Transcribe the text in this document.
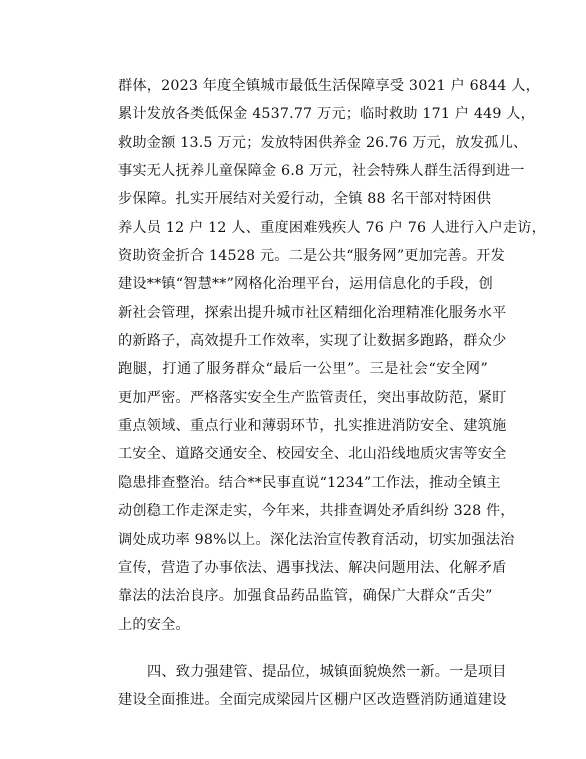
群体，2023 年度全镇城市最低生活保障享受 3021 户 6844 人，
累计发放各类低保金 4537.77 万元；临时救助 171 户 449 人，
救助金额 13.5 万元；发放特困供养金 26.76 万元，放发孤儿、
事实无人抚养儿童保障金 6.8 万元，社会特殊人群生活得到进一
步保障。扎实开展结对关爱行动，全镇 88 名干部对特困供
养人员 12 户 12 人、重度困难残疾人 76 户 76 人进行入户走访，
资助资金折合 14528 元。二是公共“服务网”更加完善。开发
建设**镇“智慧**”网格化治理平台，运用信息化的手段，创
新社会管理，探索出提升城市社区精细化治理精准化服务水平
的新路子，高效提升工作效率，实现了让数据多跑路，群众少
跑腿，打通了服务群众“最后一公里”。三是社会“安全网”
更加严密。严格落实安全生产监管责任，突出事故防范，紧盯
重点领域、重点行业和薄弱环节，扎实推进消防安全、建筑施
工安全、道路交通安全、校园安全、北山沿线地质灾害等安全
隐患排查整治。结合**民事直说“1234”工作法，推动全镇主
动创稳工作走深走实，今年来，共排查调处矛盾纠纷 328 件，
调处成功率 98%以上。深化法治宣传教育活动，切实加强法治
宣传，营造了办事依法、遇事找法、解决问题用法、化解矛盾
靠法的法治良序。加强食品药品监管，确保广大群众“舌尖”
上的安全。
四、致力强建管、提品位，城镇面貌焕然一新。一是项目
建设全面推进。全面完成梁园片区棚户区改造暨消防通道建设
